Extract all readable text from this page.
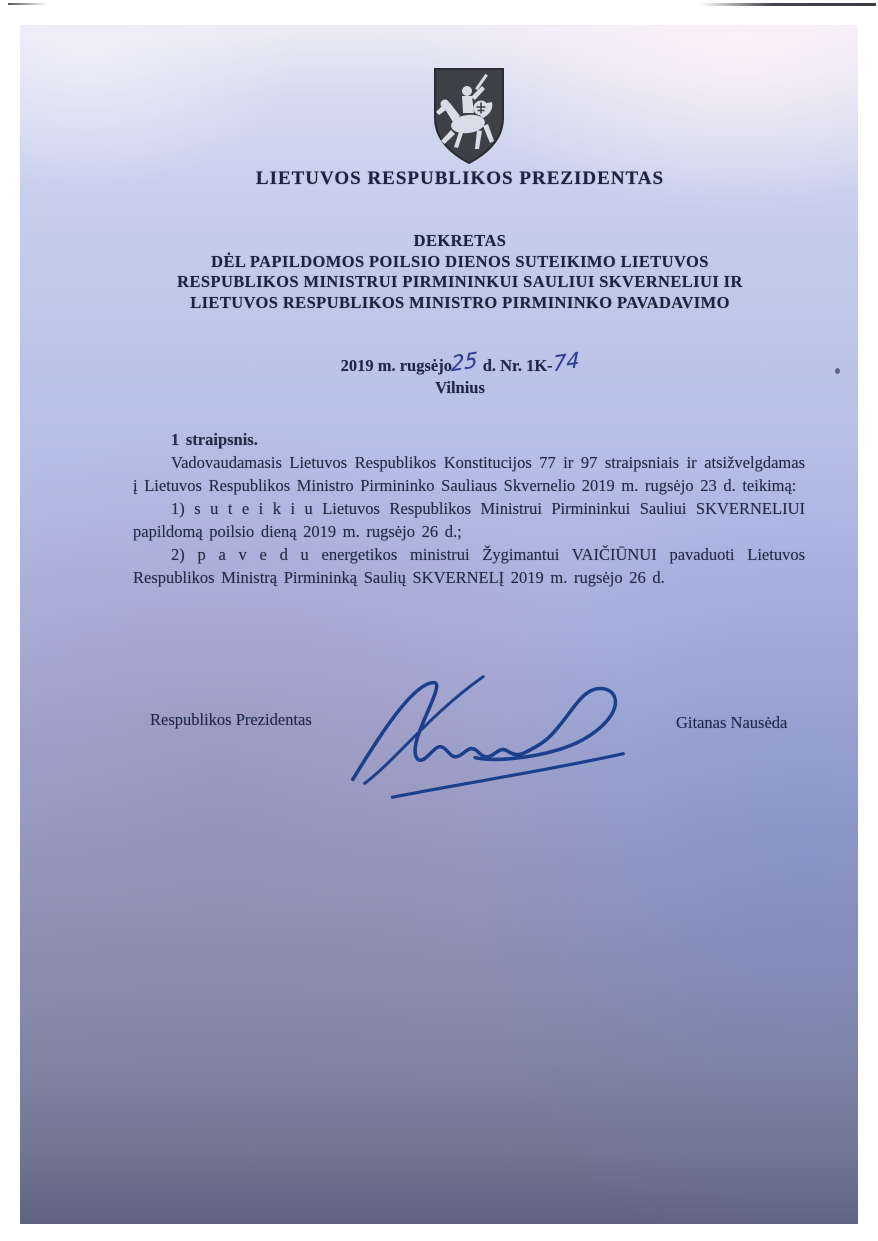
LIETUVOS RESPUBLIKOS PREZIDENTAS
DEKRETAS
DĖL PAPILDOMOS POILSIO DIENOS SUTEIKIMO LIETUVOS
RESPUBLIKOS MINISTRUI PIRMININKUI SAULIUI SKVERNELIUI IR
LIETUVOS RESPUBLIKOS MINISTRO PIRMININKO PAVADAVIMO
2019 m. rugsėjo25 d. Nr. 1K-74
Vilnius

1 straipsnis.

Vadovaudamasis Lietuvos Respublikos Konstitucijos 77 ir 97 straipsniais ir atsižvelgdamas į Lietuvos Respublikos Ministro Pirmininko Sauliaus Skvernelio 2019 m. rugsėjo 23 d. teikimą:

1) s u t e i k i u Lietuvos Respublikos Ministrui Pirmininkui Sauliui SKVERNELIUI papildomą poilsio dieną 2019 m. rugsėjo 26 d.;

2) p a v e d u energetikos ministrui Žygimantui VAIČIŪNUI pavaduoti Lietuvos Respublikos Ministrą Pirmininką Saulių SKVERNELĮ 2019 m. rugsėjo 26 d.

Respublikos Prezidentas	Gitanas Nausėda
